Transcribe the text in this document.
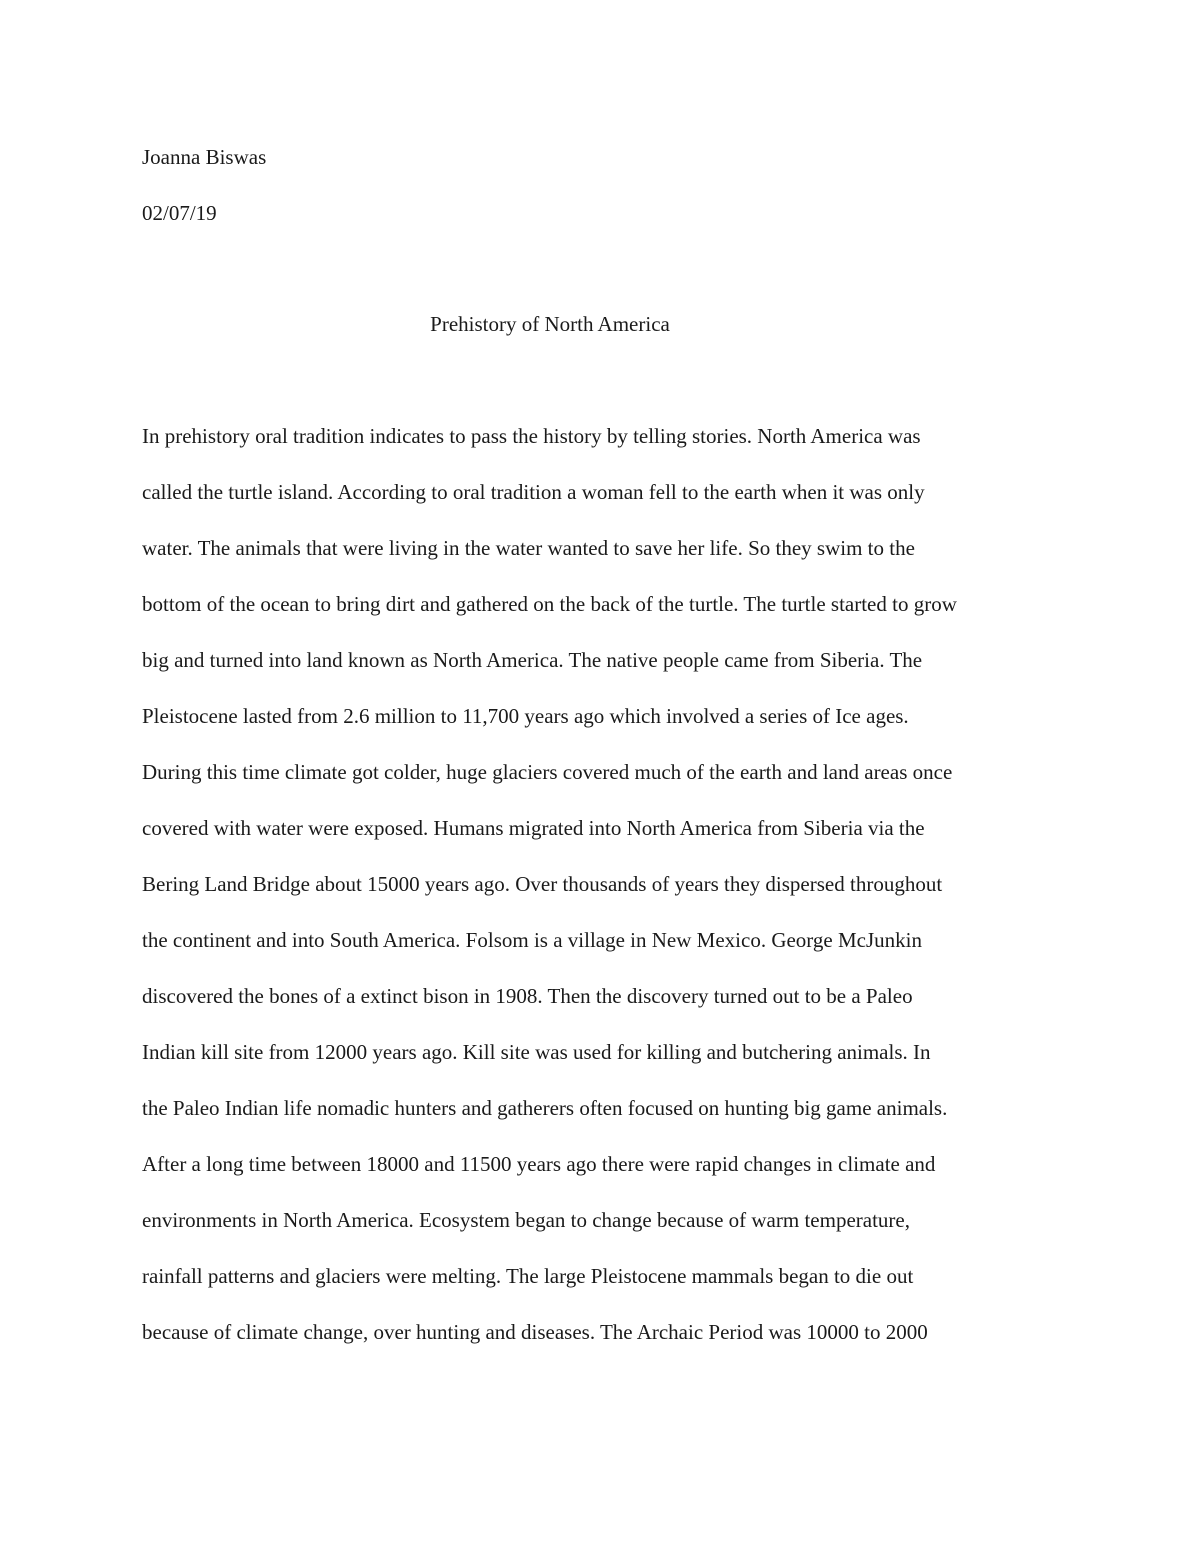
Joanna Biswas
02/07/19
Prehistory of North America
In prehistory oral tradition indicates to pass the history by telling stories. North America was
called the turtle island. According to oral tradition a woman fell to the earth when it was only
water. The animals that were living in the water wanted to save her life. So they swim to the
bottom of the ocean to bring dirt and gathered on the back of the turtle. The turtle started to grow
big and turned into land known as North America. The native people came from Siberia. The
Pleistocene lasted from 2.6 million to 11,700 years ago which involved a series of Ice ages.
During this time climate got colder, huge glaciers covered much of the earth and land areas once
covered with water were exposed. Humans migrated into North America from Siberia via the
Bering Land Bridge about 15000 years ago. Over thousands of years they dispersed throughout
the continent and into South America. Folsom is a village in New Mexico. George McJunkin
discovered the bones of a extinct bison in 1908. Then the discovery turned out to be a Paleo
Indian kill site from 12000 years ago. Kill site was used for killing and butchering animals. In
the Paleo Indian life nomadic hunters and gatherers often focused on hunting big game animals.
After a long time between 18000 and 11500 years ago there were rapid changes in climate and
environments in North America. Ecosystem began to change because of warm temperature,
rainfall patterns and glaciers were melting. The large Pleistocene mammals began to die out
because of climate change, over hunting and diseases. The Archaic Period was 10000 to 2000
